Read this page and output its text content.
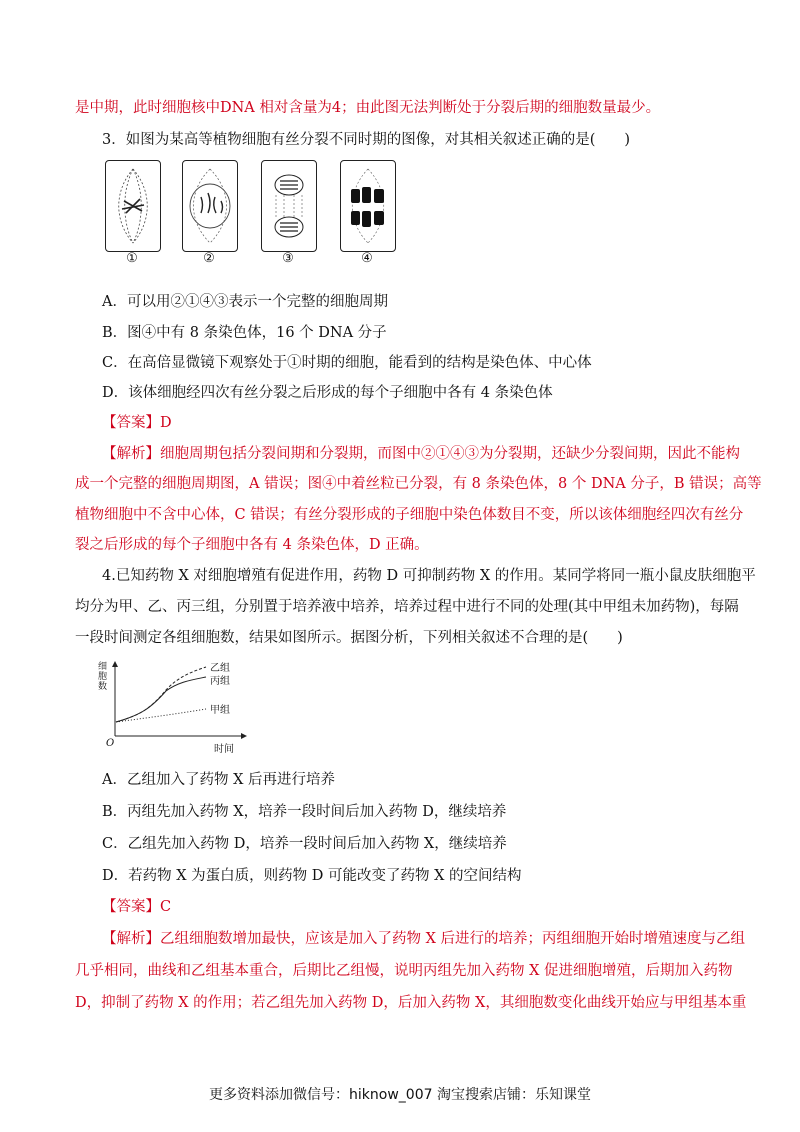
是中期，此时细胞核中DNA 相对含量为4；由此图无法判断处于分裂后期的细胞数量最少。
3．如图为某高等植物细胞有丝分裂不同时期的图像，对其相关叙述正确的是(　　)
①	②	③	④
A．可以用②①④③表示一个完整的细胞周期
B．图④中有 8 条染色体，16 个 DNA 分子
C．在高倍显微镜下观察处于①时期的细胞，能看到的结构是染色体、中心体
D．该体细胞经四次有丝分裂之后形成的每个子细胞中各有 4 条染色体
【答案】D
【解析】细胞周期包括分裂间期和分裂期，而图中②①④③为分裂期，还缺少分裂间期，因此不能构
成一个完整的细胞周期图，A 错误；图④中着丝粒已分裂，有 8 条染色体，8 个 DNA 分子，B 错误；高等
植物细胞中不含中心体，C 错误；有丝分裂形成的子细胞中染色体数目不变，所以该体细胞经四次有丝分
裂之后形成的每个子细胞中各有 4 条染色体，D 正确。
4.已知药物 X 对细胞增殖有促进作用，药物 D 可抑制药物 X 的作用。某同学将同一瓶小鼠皮肤细胞平
均分为甲、乙、丙三组，分别置于培养液中培养，培养过程中进行不同的处理(其中甲组未加药物)，每隔
一段时间测定各组细胞数，结果如图所示。据图分析，下列相关叙述不合理的是(　　)
乙组
丙组
甲组
O
时间
细胞数
A．乙组加入了药物 X 后再进行培养
B．丙组先加入药物 X，培养一段时间后加入药物 D，继续培养
C．乙组先加入药物 D，培养一段时间后加入药物 X，继续培养
D．若药物 X 为蛋白质，则药物 D 可能改变了药物 X 的空间结构
【答案】C
【解析】乙组细胞数增加最快，应该是加入了药物 X 后进行的培养；丙组细胞开始时增殖速度与乙组
几乎相同，曲线和乙组基本重合，后期比乙组慢，说明丙组先加入药物 X 促进细胞增殖，后期加入药物
D，抑制了药物 X 的作用；若乙组先加入药物 D，后加入药物 X，其细胞数变化曲线开始应与甲组基本重
更多资料添加微信号：hiknow_007 淘宝搜索店铺：乐知课堂
